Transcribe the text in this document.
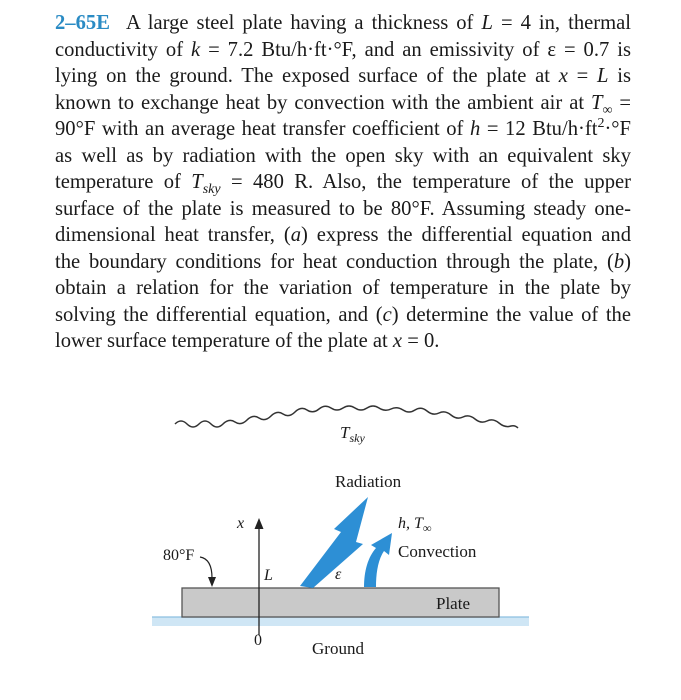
2–65E A large steel plate having a thickness of L = 4 in, thermal conductivity of k = 7.2 Btu/h·ft·°F, and an emissivity of ε = 0.7 is lying on the ground. The exposed surface of the plate at x = L is known to exchange heat by convection with the ambient air at $T_\infty = 90^\circ F$ with an average heat transfer coefficient of h = 12 Btu/$h\cdot ft^2\cdot^\circ F$ as well as by radiation with the open sky with an equivalent sky temperature of $T_{sky} = 480$ R. Also, the temperature of the upper surface of the plate is measured to be 80°F. Assuming steady one-dimensional heat transfer, (a) express the differential equation and the boundary conditions for heat conduction through the plate, (b) obtain a relation for the variation of temperature in the plate by solving the differential equation, and (c) determine the value of the lower surface temperature of the plate at x = 0.
$T_{sky}$
Radiation
Plate
x
L
0
80°F
ε
h, $T_\infty$
Convection
Ground
